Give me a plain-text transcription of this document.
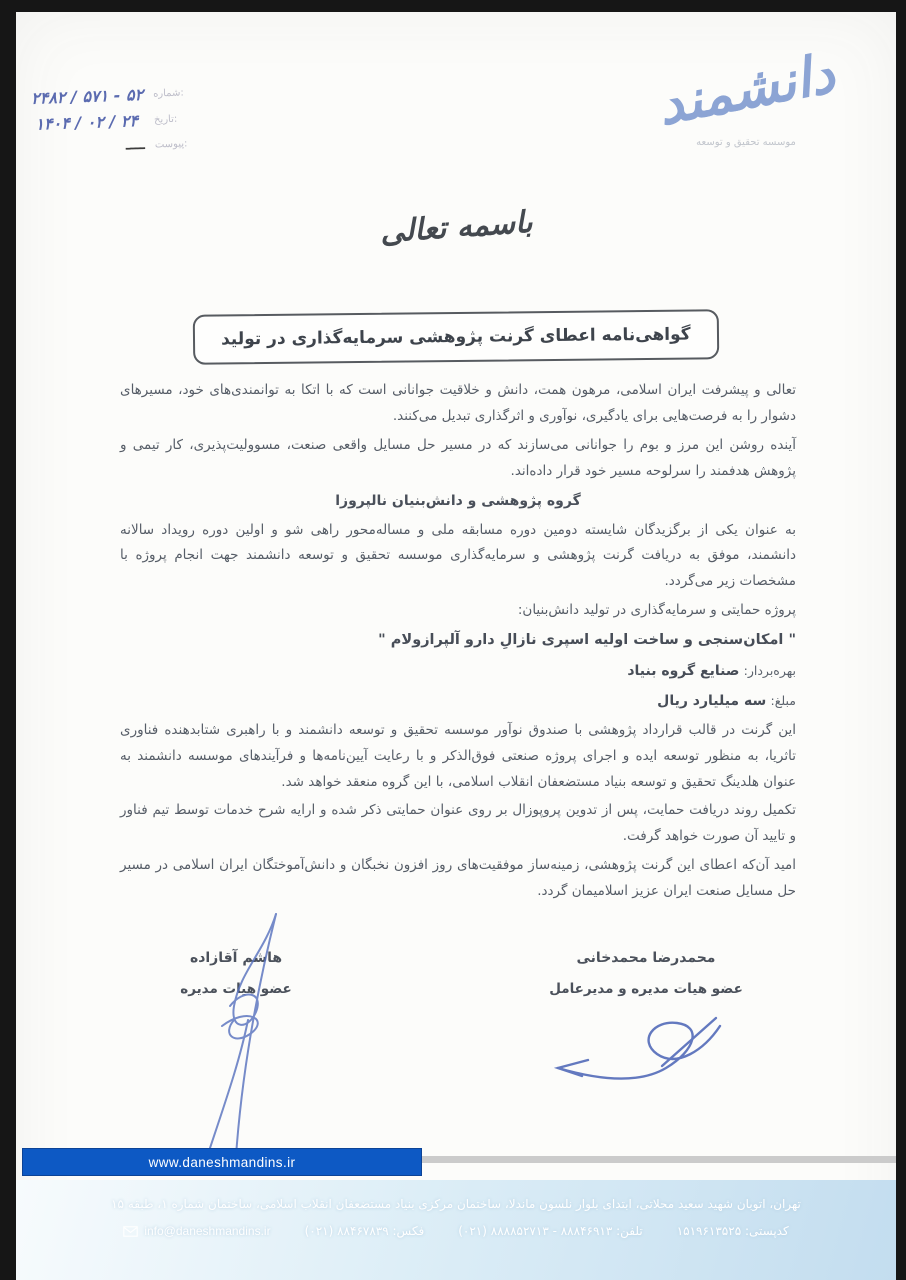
۲۴۸۲ / ۵۷۱ - ۵۲ شماره:
۱۴۰۴ / ۰۲ / ۲۴ تاریخ:
ــــ پیوست:
دانشمند
موسسه تحقیق و توسعه
باسمه تعالی
گواهی‌نامه اعطای گرنت پژوهشی سرمایه‌گذاری در تولید

تعالی و پیشرفت ایران اسلامی، مرهون همت، دانش و خلاقیت جوانانی است که با اتکا به توانمندی‌های خود، مسیرهای دشوار را به فرصت‌هایی برای یادگیری، نوآوری و اثرگذاری تبدیل می‌کنند.

آینده روشن این مرز و بوم را جوانانی می‌سازند که در مسیر حل مسایل واقعی صنعت، مسوولیت‌پذیری، کار تیمی و پژوهش هدفمند را سرلوحه مسیر خود قرار داده‌اند.

گروه پژوهشی و دانش‌بنیان نالپروزا

به عنوان یکی از برگزیدگان شایسته دومین دوره مسابقه ملی و مساله‌محور راهی شو و اولین دوره رویداد سالانه دانشمند، موفق به دریافت گرنت پژوهشی و سرمایه‌گذاری موسسه تحقیق و توسعه دانشمند جهت انجام پروژه با مشخصات زیر می‌گردد.

پروژه حمایتی و سرمایه‌گذاری در تولید دانش‌بنیان:

" امکان‌سنجی و ساخت اولیه اسپری نازالِ دارو آلپرازولام "

بهره‌بردار: صنایع گروه بنیاد

مبلغ: سه میلیارد ریال

این گرنت در قالب قرارداد پژوهشی با صندوق نوآور موسسه تحقیق و توسعه دانشمند و با راهبری شتابدهنده فناوری تاثریا، به منظور توسعه ایده و اجرای پروژه صنعتی فوق‌الذکر و با رعایت آیین‌نامه‌ها و فرآیندهای موسسه دانشمند به عنوان هلدینگ تحقیق و توسعه بنیاد مستضعفان انقلاب اسلامی، با این گروه منعقد خواهد شد.

تکمیل روند دریافت حمایت، پس از تدوین پروپوزال بر روی عنوان حمایتی ذکر شده و ارایه شرح خدمات توسط تیم فناور و تایید آن صورت خواهد گرفت.

امید آن‌که اعطای این گرنت پژوهشی، زمینه‌ساز موفقیت‌های روز افزون نخبگان و دانش‌آموختگان ایران اسلامی در مسیر حل مسایل صنعت ایران عزیز اسلامیمان گردد.

محمدرضا محمدخانی
عضو هیات مدیره و مدیرعامل
هاشم آقازاده
عضو هیات مدیره
www.daneshmandins.ir
تهران، اتوبان شهید سعید محلاتی، ابتدای بلوار نلسون ماندلا، ساختمان مرکزی بنیاد مستضعفان انقلاب اسلامی، ساختمان شماره ۱، طبقه ۱۵
کدپستی: ۱۵۱۹۶۱۳۵۲۵
تلفن: ۸۸۸۴۶۹۱۳ - ۸۸۸۸۵۲۷۱۳ (۰۲۱)
فکس: ۸۸۴۶۷۸۳۹ (۰۲۱)
info@daneshmandins.ir
